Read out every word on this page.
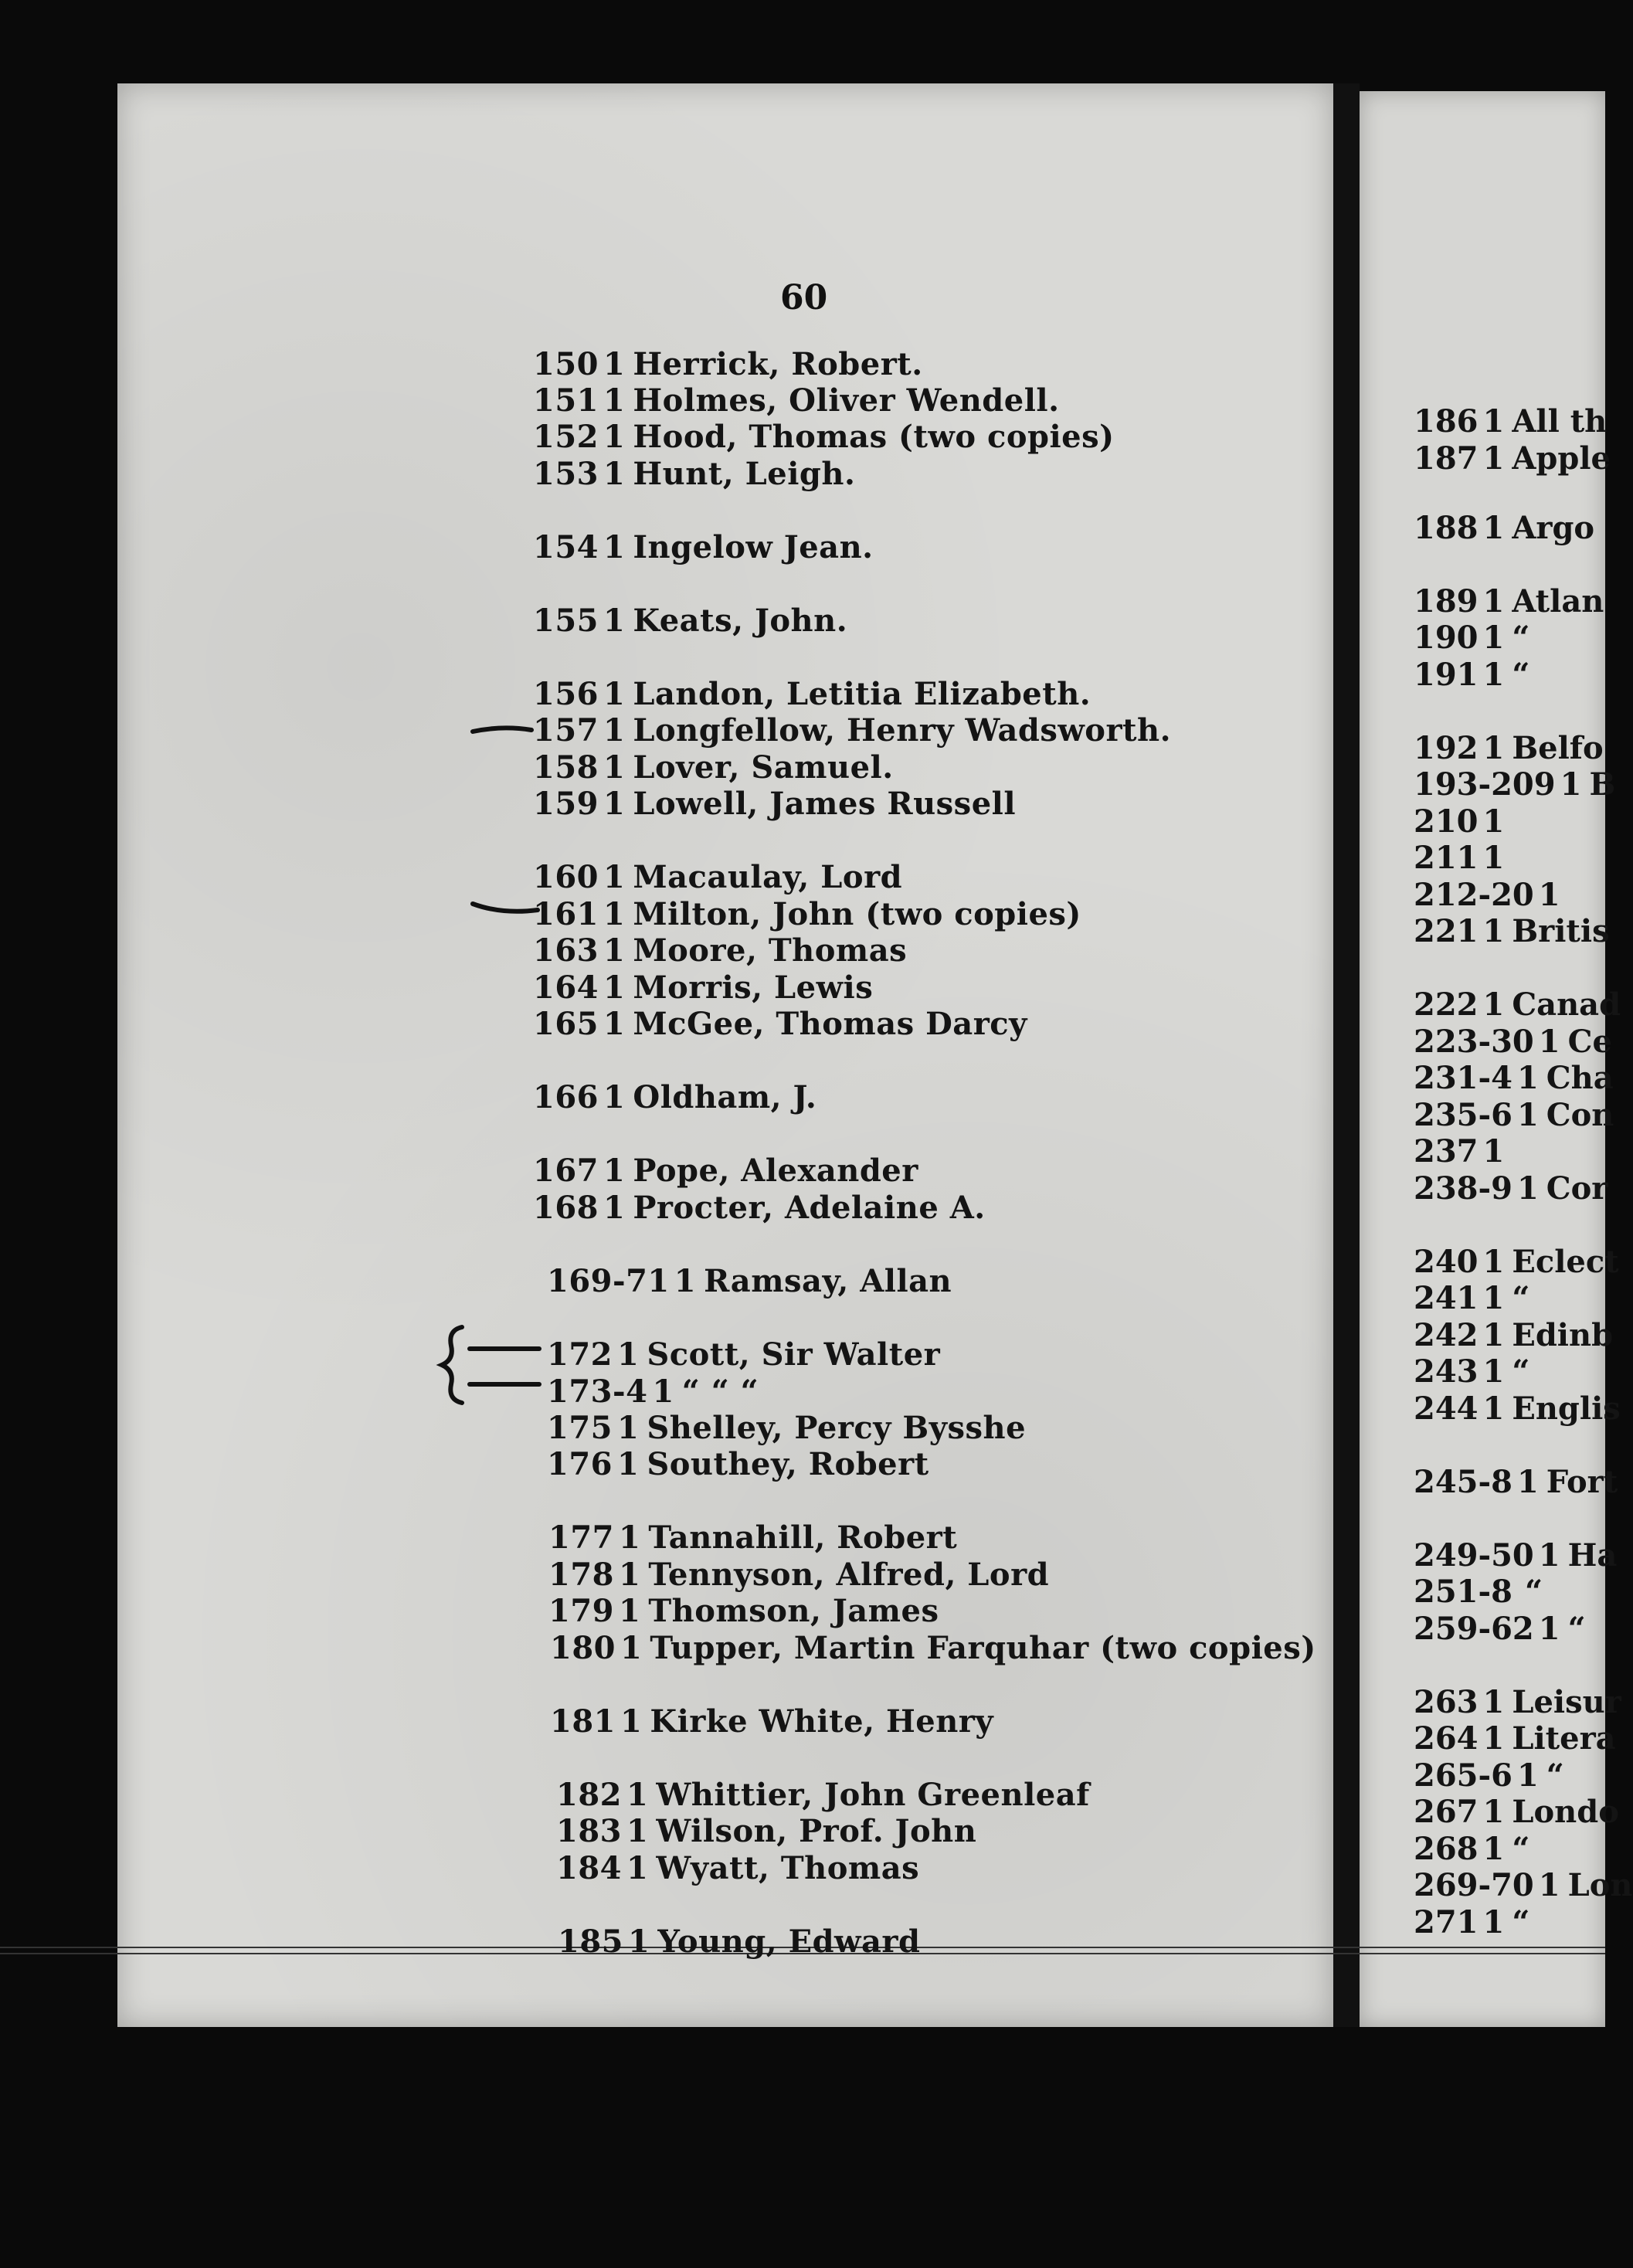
186 1 All th
187 1 Apple
188 1 Argo
189 1 Atlan
190 1 “
191 1 “
192 1 Belfo
193-209 1 B
210 1
211 1
212-20 1
221 1 Britis
222 1 Canad
223-30 1 Ce
231-4 1 Cha
235-6 1 Con
237 1
238-9 1 Cor
240 1 Eclect
241 1 “
242 1 Edinb
243 1 “
244 1 Englis
245-8 1 Fort
249-50 1 Ha
251-8 “
259-62 1 “
263 1 Leisur
264 1 Litera
265-6 1 “
267 1 Londo
268 1 “
269-70 1 Lon
271 1 “
60
150 1 Herrick, Robert.
151 1 Holmes, Oliver Wendell.
152 1 Hood, Thomas (two copies)
153 1 Hunt, Leigh.
154 1 Ingelow Jean.
155 1 Keats, John.
156 1 Landon, Letitia Elizabeth.
157 1 Longfellow, Henry Wadsworth.
158 1 Lover, Samuel.
159 1 Lowell, James Russell
160 1 Macaulay, Lord
161 1 Milton, John (two copies)
163 1 Moore, Thomas
164 1 Morris, Lewis
165 1 McGee, Thomas Darcy
166 1 Oldham, J.
167 1 Pope, Alexander
168 1 Procter, Adelaine A.
169-71 1 Ramsay, Allan
172 1 Scott, Sir Walter
173-4 1 “ “ “
175 1 Shelley, Percy Bysshe
176 1 Southey, Robert
177 1 Tannahill, Robert
178 1 Tennyson, Alfred, Lord
179 1 Thomson, James
180 1 Tupper, Martin Farquhar (two copies)
181 1 Kirke White, Henry
182 1 Whittier, John Greenleaf
183 1 Wilson, Prof. John
184 1 Wyatt, Thomas
185 1 Young, Edward
